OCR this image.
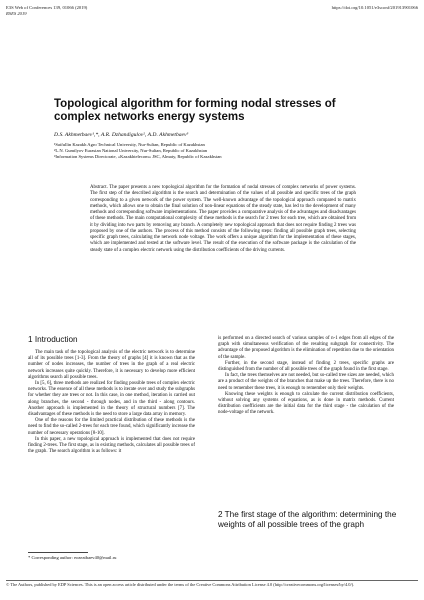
E3S Web of Conferences 139, 01066 (2019)
RSES 2019
https://doi.org/10.1051/e3sconf/201913901066
Topological algorithm for forming nodal stresses of complex networks energy systems
D.S. Akhmetbaev¹,*, A.R. Dzhandigulov², A.D. Akhmetbaev³
¹Saifullin Kazakh Agro Technical University, Nur-Sultan, Republic of Kazakhstan
²L.N. Gumilyov Eurasian National University, Nur-Sultan, Republic of Kazakhstan
³Information Systems Directorate, «Kazakhtelecom» JSC, Almaty, Republic of Kazakhstan
Abstract. The paper presents a new topological algorithm for the formation of nodal stresses of complex networks of power systems. The first step of the described algorithm is the search and determination of the values of all possible and specific trees of the graph corresponding to a given network of the power system. The well-known advantage of the topological approach compared to matrix methods, which allows one to obtain the final solution of non-linear equations of the steady state, has led to the development of many methods and corresponding software implementations. The paper provides a comparative analysis of the advantages and disadvantages of these methods. The main computational complexity of these methods is the search for 2 trees for each tree, which are obtained from it by dividing into two parts by removing any branch. A completely new topological approach that does not require finding 2 trees was proposed by one of the authors. The process of this method consists of the following steps: finding all possible graph trees, selecting specific graph trees, calculating the network node voltage. The work offers a unique algorithm for the implementation of these stages, which are implemented and tested at the software level. The result of the execution of the software package is the calculation of the steady state of a complex electric network using the distribution coefficients of the driving currents.
1 Introduction

The main task of the topological analysis of the electric network is to determine all of its possible trees [1-3]. From the theory of graphs [4] it is known that as the number of nodes increases, the number of trees in the graph of a real electric network increases quite quickly. Therefore, it is necessary to develop more efficient algorithms search all possible trees.

In [5, 6], three methods are realized for finding possible trees of complex electric networks. The essence of all these methods is to iterate over and study the subgraphs for whether they are trees or not. In this case, in one method, iteration is carried out along branches, the second - through nodes, and in the third - along contours. Another approach is implemented in the theory of structural numbers [7]. The disadvantages of these methods is the need to store a large data array in memory.

One of the reasons for the limited practical distribution of these methods is the need to find the so-called 2-trees for each tree found, which significantly increase the number of necessary operations [8-10].

In this paper, a new topological approach is implemented that does not require finding 2-trees. The first stage, as in existing methods, calculates all possible trees of the graph. The search algorithm is as follows: it

is performed on a directed search of various samples of n-1 edges from all edges of the graph with simultaneous verification of the resulting subgraph for connectivity. The advantage of the proposed algorithm is the elimination of repetition due to the orientation of the sample.

Further, in the second stage, instead of finding 2 trees, specific graphs are distinguished from the number of all possible trees of the graph found in the first stage.

In fact, the trees themselves are not needed, but so-called tree sizes are needed, which are a product of the weights of the branches that make up the trees. Therefore, there is no need to remember these trees, it is enough to remember only their weights.

Knowing these weights is enough to calculate the current distribution coefficients, without solving any systems of equations, as is done in matrix methods. Current distribution coefficients are the initial data for the third stage - the calculation of the node-voltage of the network.

2 The first stage of the algorithm: determining the weights of all possible trees of the graph
* Corresponding author: eozeatbaev40@mail.ru
© The Authors, published by EDP Sciences. This is an open access article distributed under the terms of the Creative Commons Attribution License 4.0 (http://creativecommons.org/licenses/by/4.0/).
